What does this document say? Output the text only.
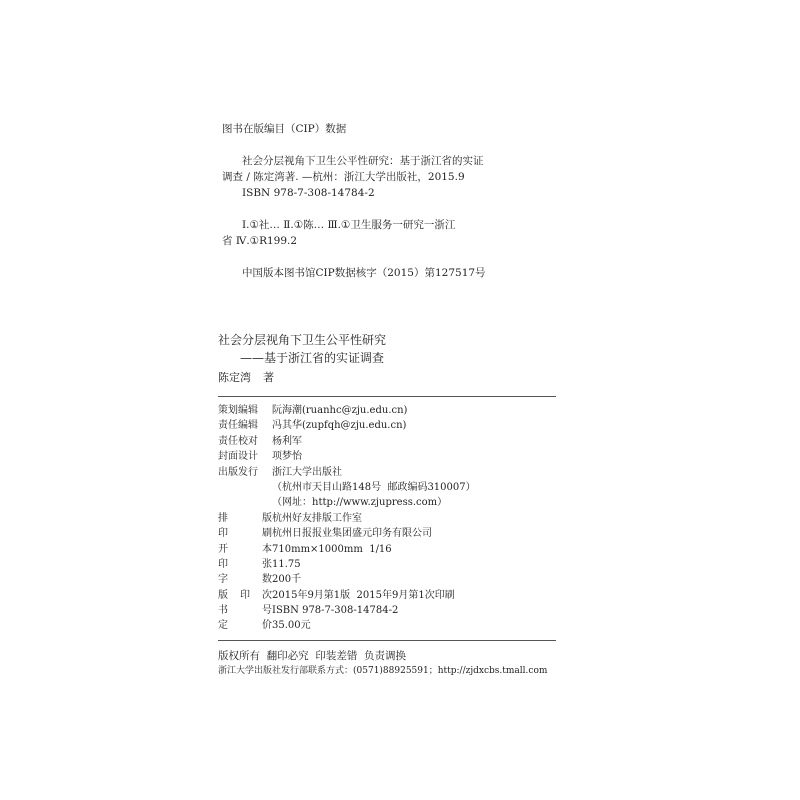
图书在版编目（CIP）数据
社会分层视角下卫生公平性研究：基于浙江省的实证
调查 / 陈定湾著. —杭州：浙江大学出版社，2015.9
ISBN 978-7-308-14784-2
Ⅰ.①社… Ⅱ.①陈… Ⅲ.①卫生服务一研究一浙江
省 Ⅳ.①R199.2
中国版本图书馆CIP数据核字（2015）第127517号
社会分层视角下卫生公平性研究
——基于浙江省的实证调查
陈定湾 著
策划编辑 阮海潮(ruanhc@zju.edu.cn)
责任编辑 冯其华(zupfqh@zju.edu.cn)
责任校对 杨利军
封面设计 项梦怡
出版发行 浙江大学出版社
（杭州市天目山路148号  邮政编码310007）
（网址：http://www.zjupress.com）
排	版 杭州好友排版工作室
印	刷 杭州日报报业集团盛元印务有限公司
开	本 710mm×1000mm  1/16
印	张 11.75
字	数 200千
版 印 次 2015年9月第1版  2015年9月第1次印刷
书	号 ISBN 978-7-308-14784-2
定	价 35.00元
版权所有  翻印必究  印装差错  负责调换
浙江大学出版社发行部联系方式：(0571)88925591；http://zjdxcbs.tmall.com
